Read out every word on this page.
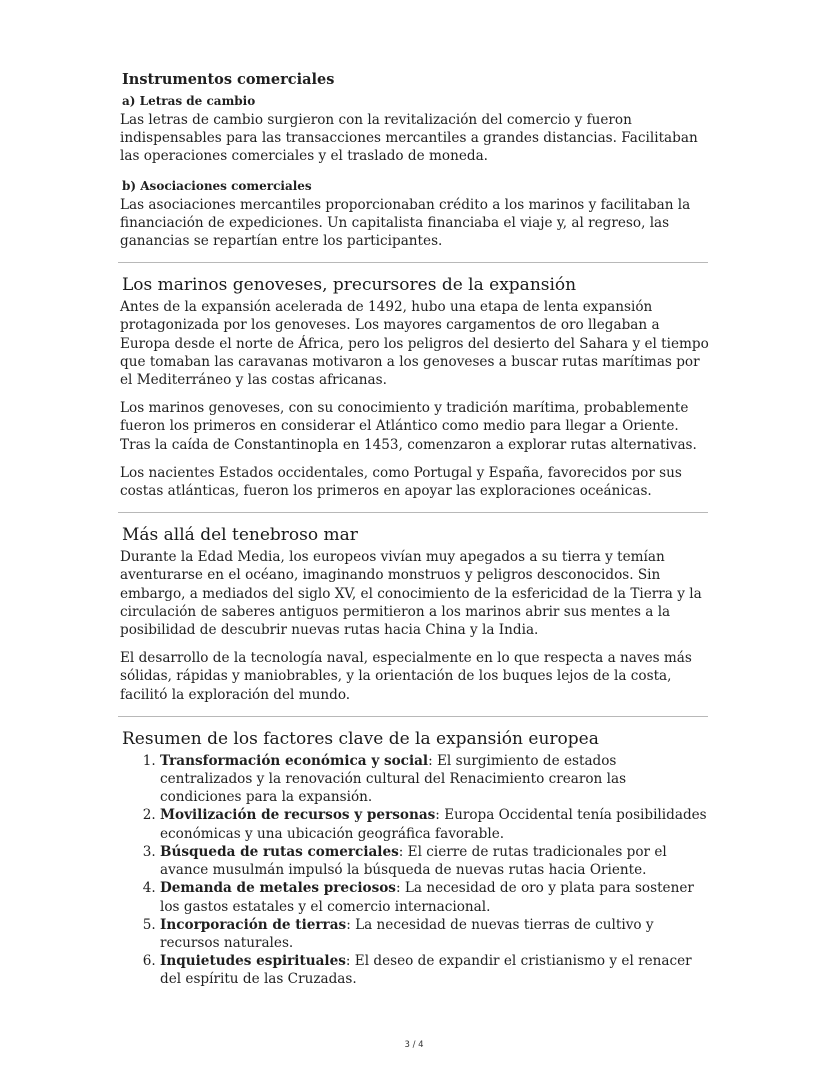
Instrumentos comerciales
a) Letras de cambio

Las letras de cambio surgieron con la revitalización del comercio y fueron indispensables para las transacciones mercantiles a grandes distancias. Facilitaban las operaciones comerciales y el traslado de moneda.

b) Asociaciones comerciales

Las asociaciones mercantiles proporcionaban crédito a los marinos y facilitaban la financiación de expediciones. Un capitalista financiaba el viaje y, al regreso, las ganancias se repartían entre los participantes.

Los marinos genoveses, precursores de la expansión

Antes de la expansión acelerada de 1492, hubo una etapa de lenta expansión protagonizada por los genoveses. Los mayores cargamentos de oro llegaban a Europa desde el norte de África, pero los peligros del desierto del Sahara y el tiempo que tomaban las caravanas motivaron a los genoveses a buscar rutas marítimas por el Mediterráneo y las costas africanas.

Los marinos genoveses, con su conocimiento y tradición marítima, probablemente fueron los primeros en considerar el Atlántico como medio para llegar a Oriente. Tras la caída de Constantinopla en 1453, comenzaron a explorar rutas alternativas.

Los nacientes Estados occidentales, como Portugal y España, favorecidos por sus costas atlánticas, fueron los primeros en apoyar las exploraciones oceánicas.

Más allá del tenebroso mar

Durante la Edad Media, los europeos vivían muy apegados a su tierra y temían aventurarse en el océano, imaginando monstruos y peligros desconocidos. Sin embargo, a mediados del siglo XV, el conocimiento de la esfericidad de la Tierra y la circulación de saberes antiguos permitieron a los marinos abrir sus mentes a la posibilidad de descubrir nuevas rutas hacia China y la India.

El desarrollo de la tecnología naval, especialmente en lo que respecta a naves más sólidas, rápidas y maniobrables, y la orientación de los buques lejos de la costa, facilitó la exploración del mundo.

Resumen de los factores clave de la expansión europea
1. Transformación económica y social: El surgimiento de estados centralizados y la renovación cultural del Renacimiento crearon las condiciones para la expansión.
2. Movilización de recursos y personas: Europa Occidental tenía posibilidades económicas y una ubicación geográfica favorable.
3. Búsqueda de rutas comerciales: El cierre de rutas tradicionales por el avance musulmán impulsó la búsqueda de nuevas rutas hacia Oriente.
4. Demanda de metales preciosos: La necesidad de oro y plata para sostener los gastos estatales y el comercio internacional.
5. Incorporación de tierras: La necesidad de nuevas tierras de cultivo y recursos naturales.
6. Inquietudes espirituales: El deseo de expandir el cristianismo y el renacer del espíritu de las Cruzadas.
3 / 4
